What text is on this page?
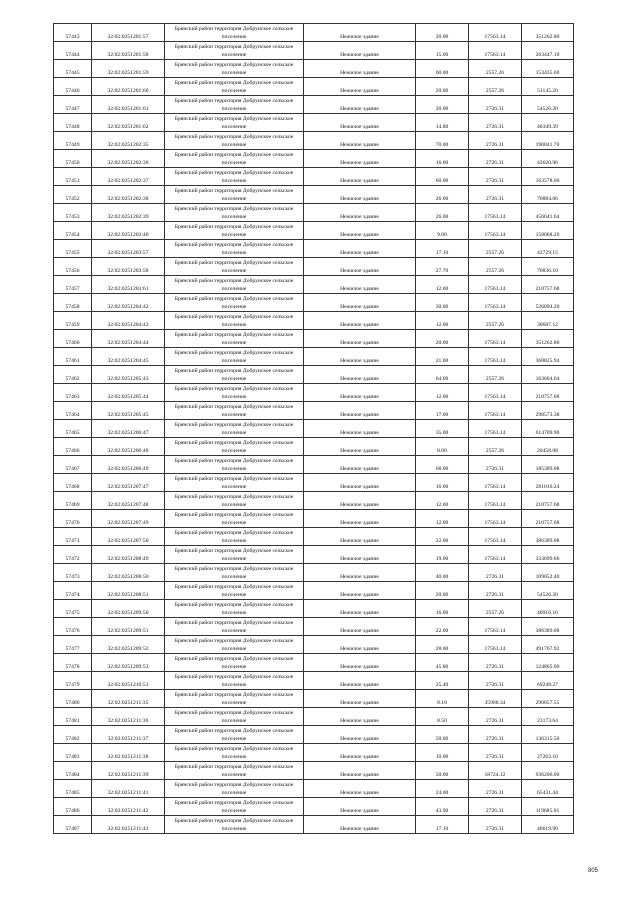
57443	32:02:0251201:57	Брянский район территория Добрунское сельское поселение	Нежилое здание	20.00	17563.14	351262.80
57444	32:02:0251201:58	Брянский район территория Добрунское сельское поселение	Нежилое здание	15.00	17563.14	263447.10
57445	32:02:0251201:59	Брянский район территория Добрунское сельское поселение	Нежилое здание	60.00	2557.26	153435.60
57446	32:02:0251201:60	Брянский район территория Добрунское сельское поселение	Нежилое здание	20.00	2557.26	51145.20
57447	32:02:0251201:61	Брянский район территория Добрунское сельское поселение	Нежилое здание	20.00	2726.31	54526.20
57448	32:02:0251201:62	Брянский район территория Добрунское сельское поселение	Нежилое здание	14.80	2726.31	40349.39
57449	32:02:0251202:35	Брянский район территория Добрунское сельское поселение	Нежилое здание	70.00	2726.31	190841.70
57450	32:02:0251202:36	Брянский район территория Добрунское сельское поселение	Нежилое здание	16.00	2726.31	43620.96
57451	32:02:0251202:37	Брянский район территория Добрунское сельское поселение	Нежилое здание	60.00	2726.31	163578.60
57452	32:02:0251202:38	Брянский район территория Добрунское сельское поселение	Нежилое здание	26.00	2726.31	70884.06
57453	32:02:0251202:39	Брянский район территория Добрунское сельское поселение	Нежилое здание	26.00	17563.14	456641.64
57454	32:02:0251202:40	Брянский район территория Добрунское сельское поселение	Нежилое здание	9.00	17563.14	158068.26
57455	32:02:0251203:57	Брянский район территория Добрунское сельское поселение	Нежилое здание	17.10	2557.26	43729.15
57456	32:02:0251203:58	Брянский район территория Добрунское сельское поселение	Нежилое здание	27.70	2557.26	70836.10
57457	32:02:0251203:61	Брянский район территория Добрунское сельское поселение	Нежилое здание	12.00	17563.14	210757.68
57458	32:02:0251204:42	Брянский район территория Добрунское сельское поселение	Нежилое здание	30.00	17563.14	526894.20
57459	32:02:0251204:43	Брянский район территория Добрунское сельское поселение	Нежилое здание	12.00	2557.26	30687.12
57460	32:02:0251204:44	Брянский район территория Добрунское сельское поселение	Нежилое здание	20.00	17563.14	351262.80
57461	32:02:0251204:45	Брянский район территория Добрунское сельское поселение	Нежилое здание	21.00	17563.14	368825.94
57462	32:02:0251205:43	Брянский район территория Добрунское сельское поселение	Нежилое здание	64.00	2557.26	163664.64
57463	32:02:0251205:44	Брянский район территория Добрунское сельское поселение	Нежилое здание	12.00	17563.14	210757.68
57464	32:02:0251205:45	Брянский район территория Добрунское сельское поселение	Нежилое здание	17.00	17563.14	298573.38
57465	32:02:0251206:47	Брянский район территория Добрунское сельское поселение	Нежилое здание	35.00	17563.14	614709.90
57466	32:02:0251206:48	Брянский район территория Добрунское сельское поселение	Нежилое здание	8.00	2557.26	20458.08
57467	32:02:0251206:49	Брянский район территория Добрунское сельское поселение	Нежилое здание	68.00	2726.31	185389.08
57468	32:02:0251207:47	Брянский район территория Добрунское сельское поселение	Нежилое здание	16.00	17563.14	281010.24
57469	32:02:0251207:48	Брянский район территория Добрунское сельское поселение	Нежилое здание	12.00	17563.14	210757.68
57470	32:02:0251207:49	Брянский район территория Добрунское сельское поселение	Нежилое здание	12.00	17563.14	210757.68
57471	32:02:0251207:50	Брянский район территория Добрунское сельское поселение	Нежилое здание	22.00	17563.14	386389.08
57472	32:02:0251208:49	Брянский район территория Добрунское сельское поселение	Нежилое здание	19.00	17563.14	333699.66
57473	32:02:0251208:50	Брянский район территория Добрунское сельское поселение	Нежилое здание	40.00	2726.31	109052.40
57474	32:02:0251208:51	Брянский район территория Добрунское сельское поселение	Нежилое здание	20.00	2726.31	54526.20
57475	32:02:0251209:50	Брянский район территория Добрунское сельское поселение	Нежилое здание	16.00	2557.26	40916.16
57476	32:02:0251209:51	Брянский район территория Добрунское сельское поселение	Нежилое здание	22.00	17563.14	386389.08
57477	32:02:0251209:52	Брянский район территория Добрунское сельское поселение	Нежилое здание	28.00	17563.14	491767.92
57478	32:02:0251209:53	Брянский район территория Добрунское сельское поселение	Нежилое здание	45.80	2726.31	124865.00
57479	32:02:0251210:51	Брянский район территория Добрунское сельское поселение	Нежилое здание	25.40	2726.31	69248.27
57480	32:02:0251211:35	Брянский район территория Добрунское сельское поселение	Нежилое здание	8.10	35908.34	290857.55
57481	32:02:0251211:36	Брянский район территория Добрунское сельское поселение	Нежилое здание	8.50	2726.31	23173.64
57482	32:02:0251211:37	Брянский район территория Добрунское сельское поселение	Нежилое здание	50.00	2726.31	136315.50
57483	32:02:0251211:38	Брянский район территория Добрунское сельское поселение	Нежилое здание	10.00	2726.31	27263.10
57484	32:02:0251211:39	Брянский район территория Добрунское сельское поселение	Нежилое здание	50.00	18724.12	936206.00
57485	32:02:0251211:41	Брянский район территория Добрунское сельское поселение	Нежилое здание	24.00	2726.31	65431.44
57486	32:02:0251211:42	Брянский район территория Добрунское сельское поселение	Нежилое здание	43.90	2726.31	119685.01
57487	32:02:0251211:43	Брянский район территория Добрунское сельское поселение	Нежилое здание	17.10	2726.31	46619.90
805
